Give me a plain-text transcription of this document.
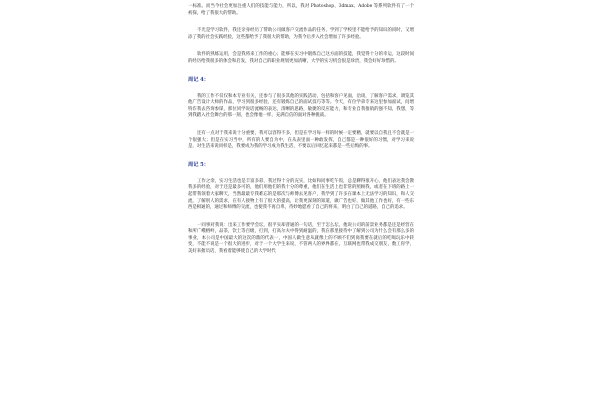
一标准。而当今社会更加注重人们的技能与能力，所以，我对 Photoshop、3dmax、Adobe 等系列软件有了一个初探，给了我很大的帮助。

不光是学习软件，我还亲身经历了帮助公司做客户交流作品的任务，学到了学校里不能给予的知识的同时，又增添了我的社会实践经验，这些都给予了我很大的帮助，为我今后步入社会增加了许多经验。

软件的熟练运用，会是我将来工作的重心；能够在实习中锻炼自己这方面的技能，我觉得十分的幸运，这段时间的经历给我很多的体会和启发，我对自己的职业规划更加清晰，大学的实习机会很是珍贵，我会好好珍惜的。

周记 4：

我的工作不仅仅和本专业有关，还参与了很多其他的实践活动，包括和客户见面，洽谈，了解客户需求，调览其他广告设计大师的作品，学习到很多经验，还有锻炼自己的面试技巧等等。今天，有位学弟专来这里参加面试，问增特诈我去咨询参谋，那位同学说话流畅的表达，清晰的思路，敏捷的反应能力，和专业自我推销的强不知，我想，等到我踏入社会舞台的那一刻，也会像他一样，充满自信的面对各种挑战。

还有一点对于我来说十分重要，我可以容得不多，但是在学习每一样的时候一定要精，就要以自我且不会就是一个很强大；但是在实习当中，所有的人要自为中，在从表里面一种敢发挥，自己都是一种很好的习惯，对学习来说是，对生活来说同样是，我要成为我的学习成为我生活，不要以后回忆起来都是一些后悔的事。

周记 5：

工作之余，实习生活也是丰富多彩，我过得十分的充实，比如和同事吃午饭，总是聊得很开心，他们表达我会教我多的经验，对于还是最多可的，他们用他们的我十分的尊重，他们在生活上也非常的照顾我，或者在下班的路上一起带我领着大家聊天，当然最最专我难忘的是那次与师傅去见客户，我学到了许多在课本上无法学习的知识，和人交流，了解别人的需求，在有人接物上有了很大的提高，让我更深刻的知道，做广告也好，做其他工作也好，有一些东西是相通的，通过和师傅的交流，也使我不再自卑，待妙地愿看了自己的将来，明白了自己的道路，自己的追求。

一同事对我说：出来工作要学会坛，很平实却普通的一句话，至于怎么坛，他说公司的前景业务都是还是经营在和所广峨榕岭，品茶，饮上等百级，打到，打高尔夫中得到耐温的，我在那里接待中了解到公司为什么会有那么多的事业，本公司是中国最大的这次的鼎的代表一，中国人做生意从就像上的不顾不们到岗我要在就后的吃喝玩乐中转变，不能不说是一个很大的进步，对于一个大学生来说，不管两人的界界都在，互联网也带我成交朋友，数工你学，美好来催员话，我看着能够使自己的大学时代
